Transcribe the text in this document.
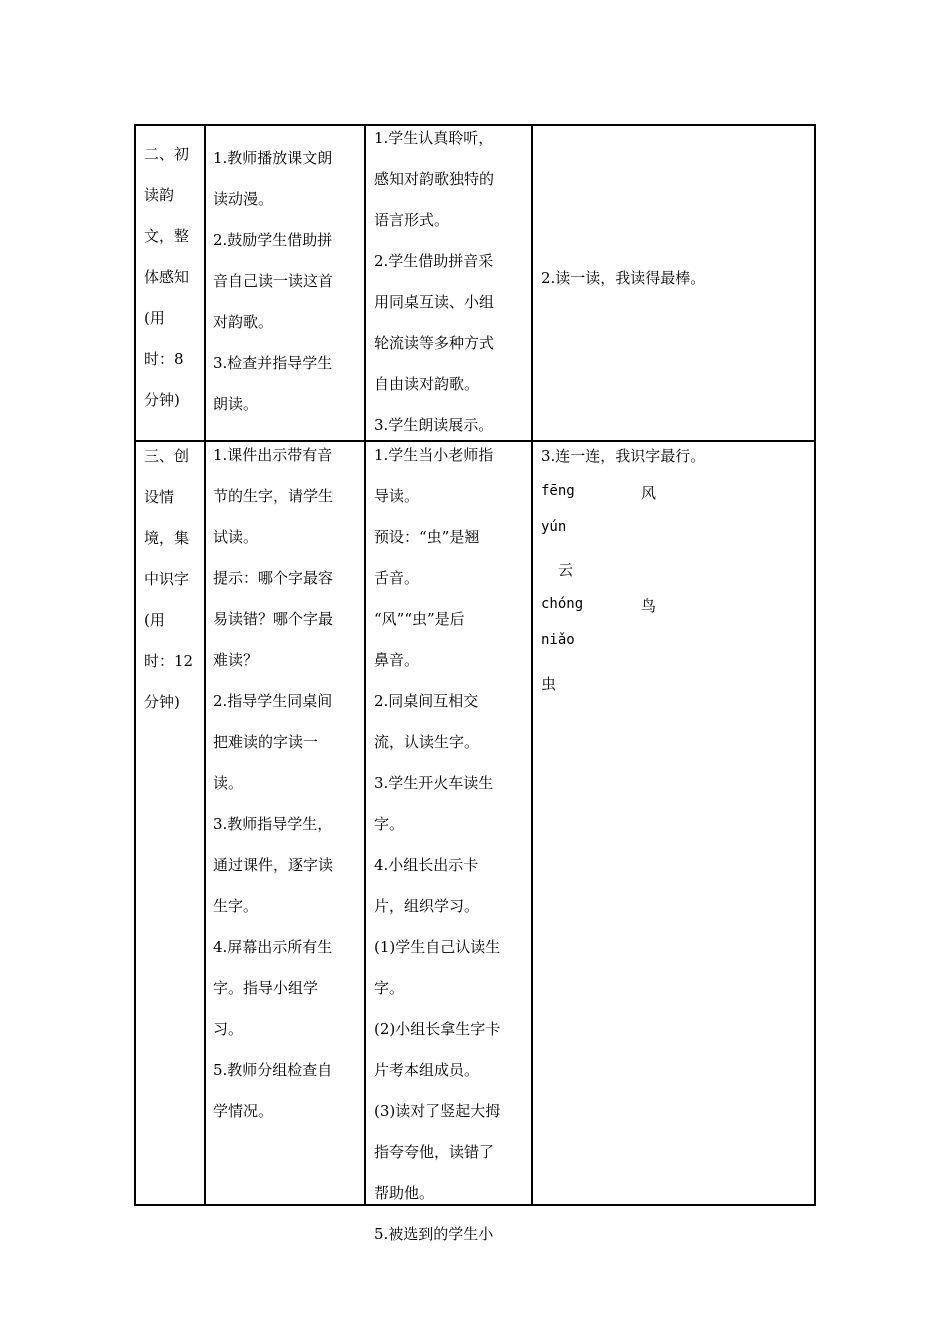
二、初

读韵

文，整

体感知

(用

时：8

分钟)

1.教师播放课文朗

读动漫。

2.鼓励学生借助拼

音自己读一读这首

对韵歌。

3.检查并指导学生

朗读。

1.学生认真聆听，

感知对韵歌独特的

语言形式。

2.学生借助拼音采

用同桌互读、小组

轮流读等多种方式

自由读对韵歌。

3.学生朗读展示。

2.读一读，我读得最棒。

三、创

设情

境，集

中识字

(用

时：12

分钟)

1.课件出示带有音

节的生字，请学生

试读。

提示：哪个字最容

易读错？哪个字最

难读？

2.指导学生同桌间

把难读的字读一

读。

3.教师指导学生，

通过课件，逐字读

生字。

4.屏幕出示所有生

字。指导小组学

习。

5.教师分组检查自

学情况。

1.学生当小老师指

导读。

预设：“虫”是翘

舌音。

“风”“虫”是后

鼻音。

2.同桌间互相交

流，认读生字。

3.学生开火车读生

字。

4.小组长出示卡

片，组织学习。

(1)学生自己认读生

字。

(2)小组长拿生字卡

片考本组成员。

(3)读对了竖起大拇

指夸夸他，读错了

帮助他。

5.被选到的学生小

3.连一连，我识字最行。
fēng
yún
chóng
niǎo
风
云
鸟
虫
